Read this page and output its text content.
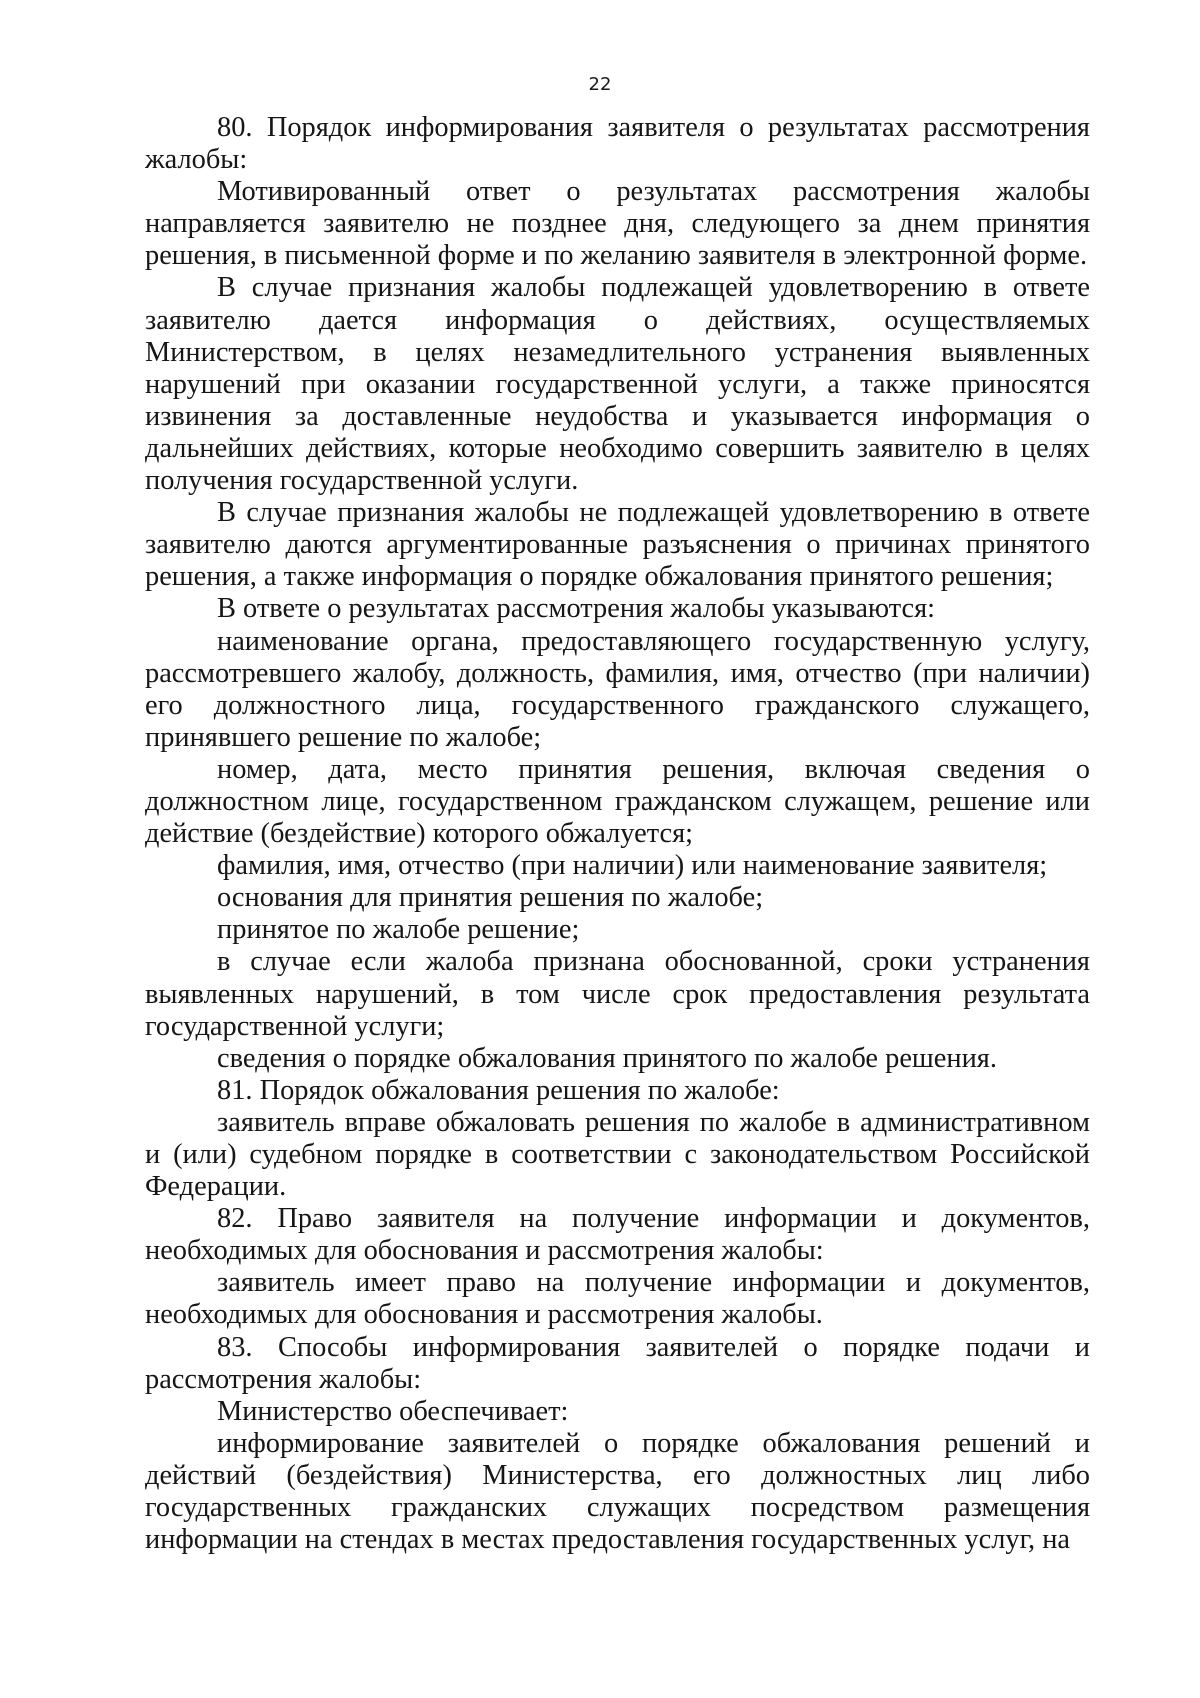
22

80. Порядок информирования заявителя о результатах рассмотрения жалобы:

Мотивированный ответ о результатах рассмотрения жалобы направляется заявителю не позднее дня, следующего за днем принятия решения, в письменной форме и по желанию заявителя в электронной форме.

В случае признания жалобы подлежащей удовлетворению в ответе заявителю дается информация о действиях, осуществляемых Министерством, в целях незамедлительного устранения выявленных нарушений при оказании государственной услуги, а также приносятся извинения за доставленные неудобства и указывается информация о дальнейших действиях, которые необходимо совершить заявителю в целях получения государственной услуги.

В случае признания жалобы не подлежащей удовлетворению в ответе заявителю даются аргументированные разъяснения о причинах принятого решения, а также информация о порядке обжалования принятого решения;

В ответе о результатах рассмотрения жалобы указываются:

наименование органа, предоставляющего государственную услугу, рассмотревшего жалобу, должность, фамилия, имя, отчество (при наличии) его должностного лица, государственного гражданского служащего, принявшего решение по жалобе;

номер, дата, место принятия решения, включая сведения о должностном лице, государственном гражданском служащем, решение или действие (бездействие) которого обжалуется;

фамилия, имя, отчество (при наличии) или наименование заявителя;

основания для принятия решения по жалобе;

принятое по жалобе решение;

в случае если жалоба признана обоснованной, сроки устранения выявленных нарушений, в том числе срок предоставления результата государственной услуги;

сведения о порядке обжалования принятого по жалобе решения.

81. Порядок обжалования решения по жалобе:

заявитель вправе обжаловать решения по жалобе в административном и (или) судебном порядке в соответствии с законодательством Российской Федерации.

82. Право заявителя на получение информации и документов, необходимых для обоснования и рассмотрения жалобы:

заявитель имеет право на получение информации и документов, необходимых для обоснования и рассмотрения жалобы.

83. Способы информирования заявителей о порядке подачи и рассмотрения жалобы:

Министерство обеспечивает:

информирование заявителей о порядке обжалования решений и действий (бездействия) Министерства, его должностных лиц либо государственных гражданских служащих посредством размещения информации на стендах в местах предоставления государственных услуг, на
